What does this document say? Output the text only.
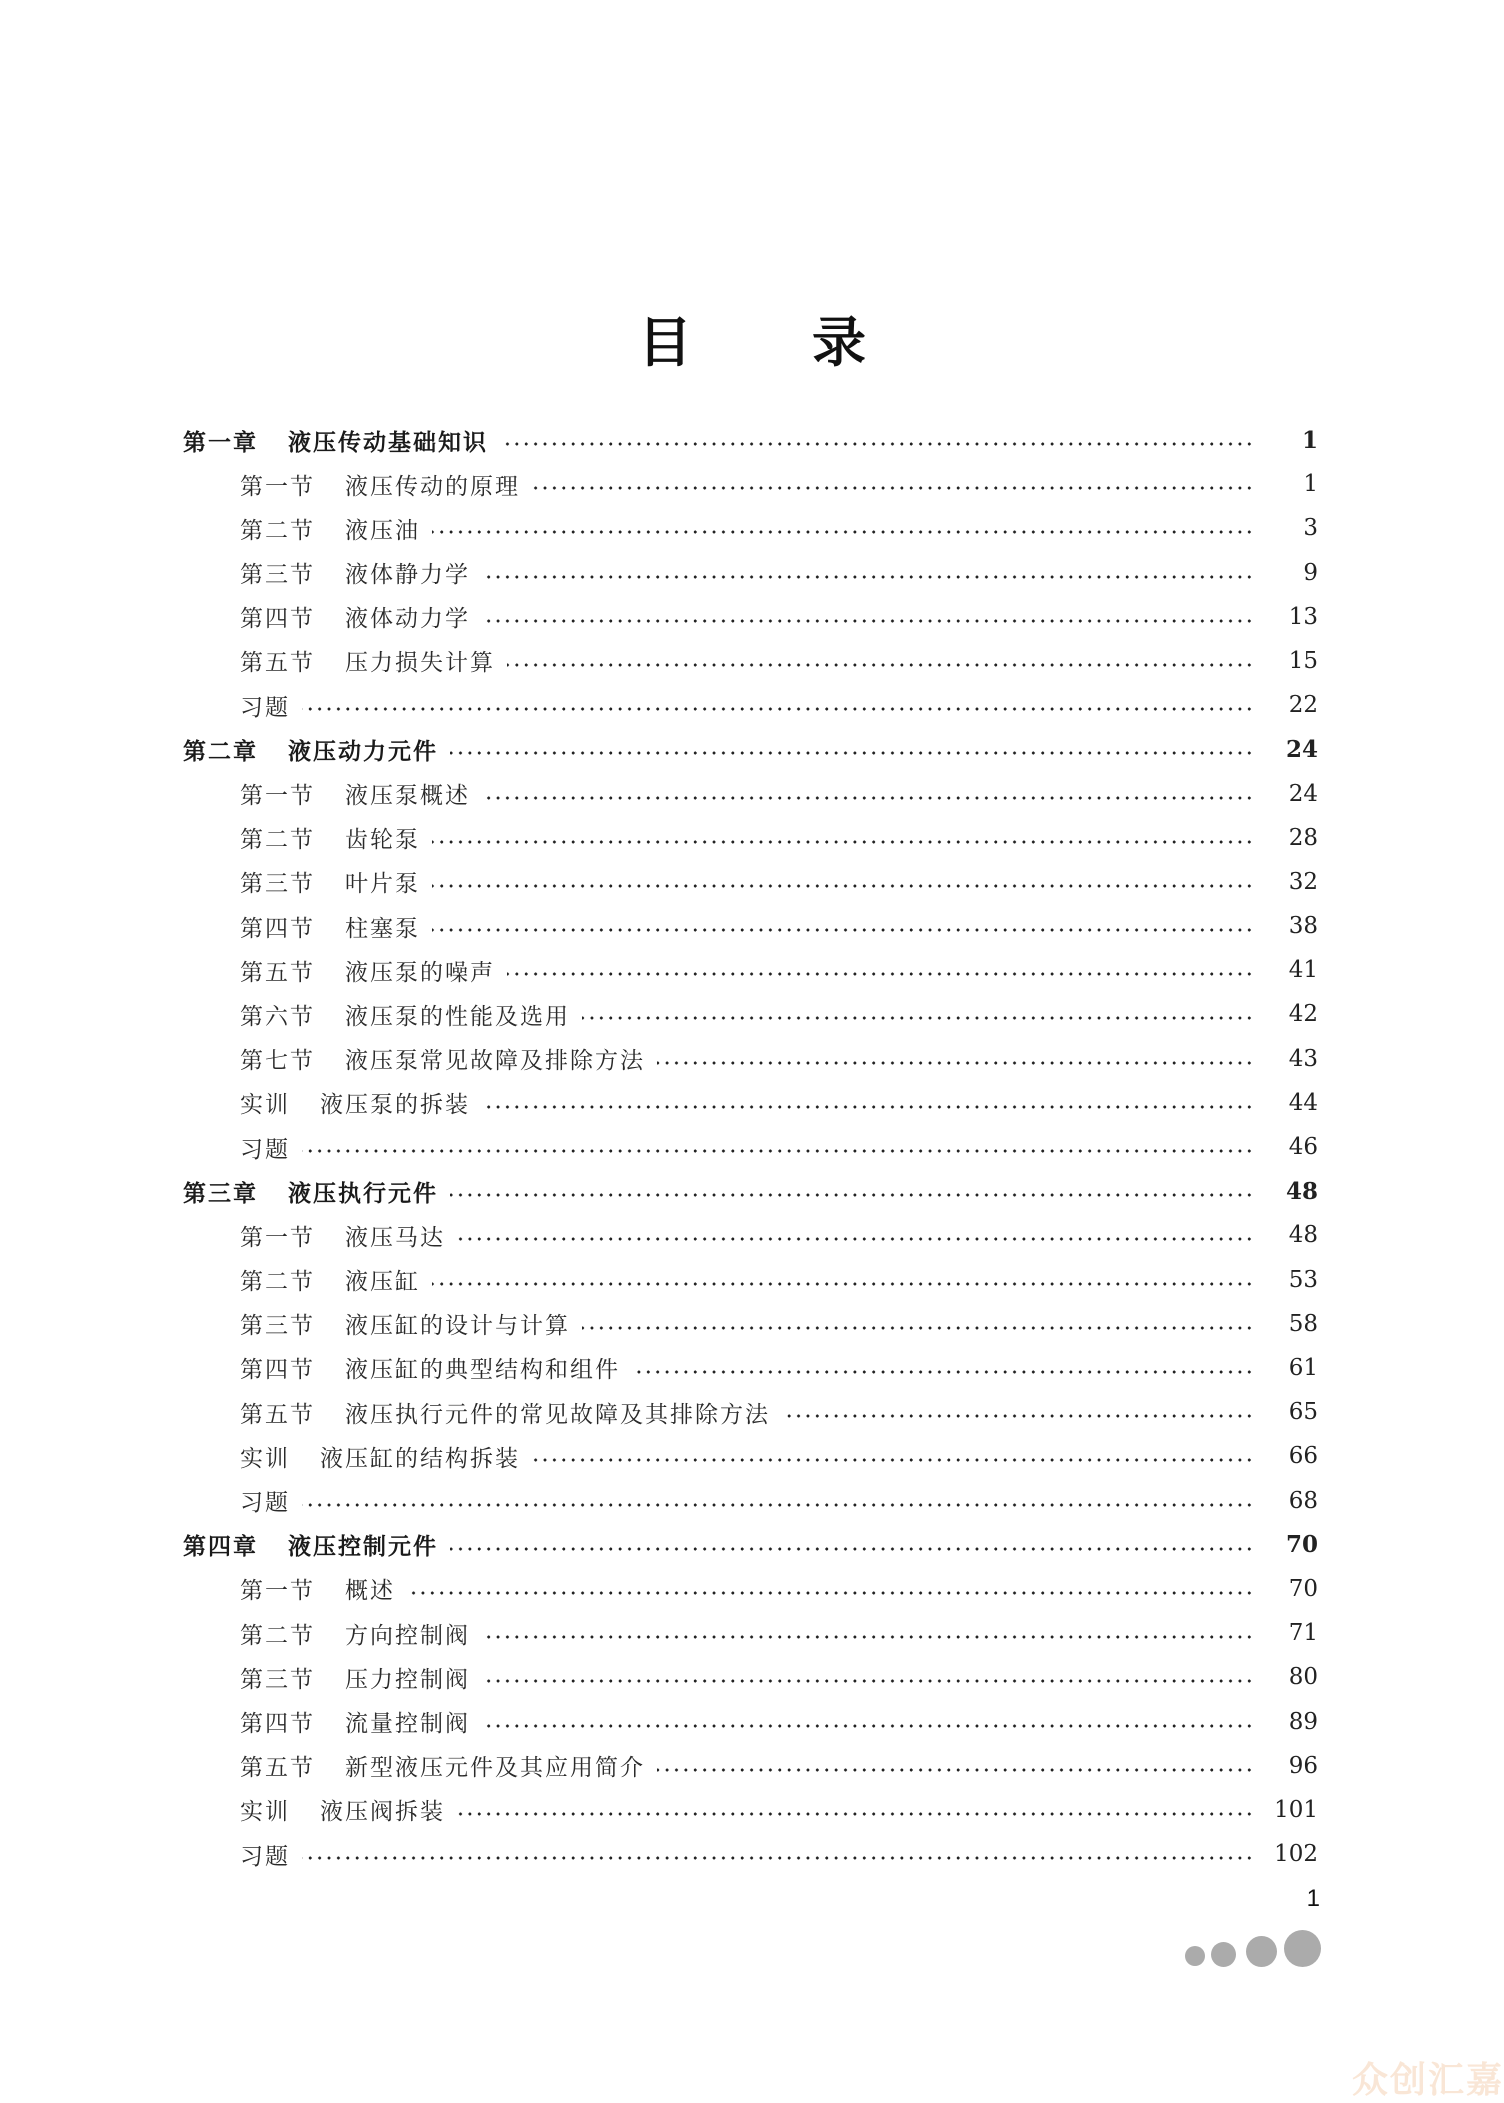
目 录
第一章 液压传动基础知识	1
第一节 液压传动的原理	1
第二节 液压油	3
第三节 液体静力学	9
第四节 液体动力学	13
第五节 压力损失计算	15
习题	22
第二章 液压动力元件	24
第一节 液压泵概述	24
第二节 齿轮泵	28
第三节 叶片泵	32
第四节 柱塞泵	38
第五节 液压泵的噪声	41
第六节 液压泵的性能及选用	42
第七节 液压泵常见故障及排除方法	43
实训 液压泵的拆装	44
习题	46
第三章 液压执行元件	48
第一节 液压马达	48
第二节 液压缸	53
第三节 液压缸的设计与计算	58
第四节 液压缸的典型结构和组件	61
第五节 液压执行元件的常见故障及其排除方法	65
实训 液压缸的结构拆装	66
习题	68
第四章 液压控制元件	70
第一节 概述	70
第二节 方向控制阀	71
第三节 压力控制阀	80
第四节 流量控制阀	89
第五节 新型液压元件及其应用简介	96
实训 液压阀拆装	101
习题	102
1
众创汇嘉
